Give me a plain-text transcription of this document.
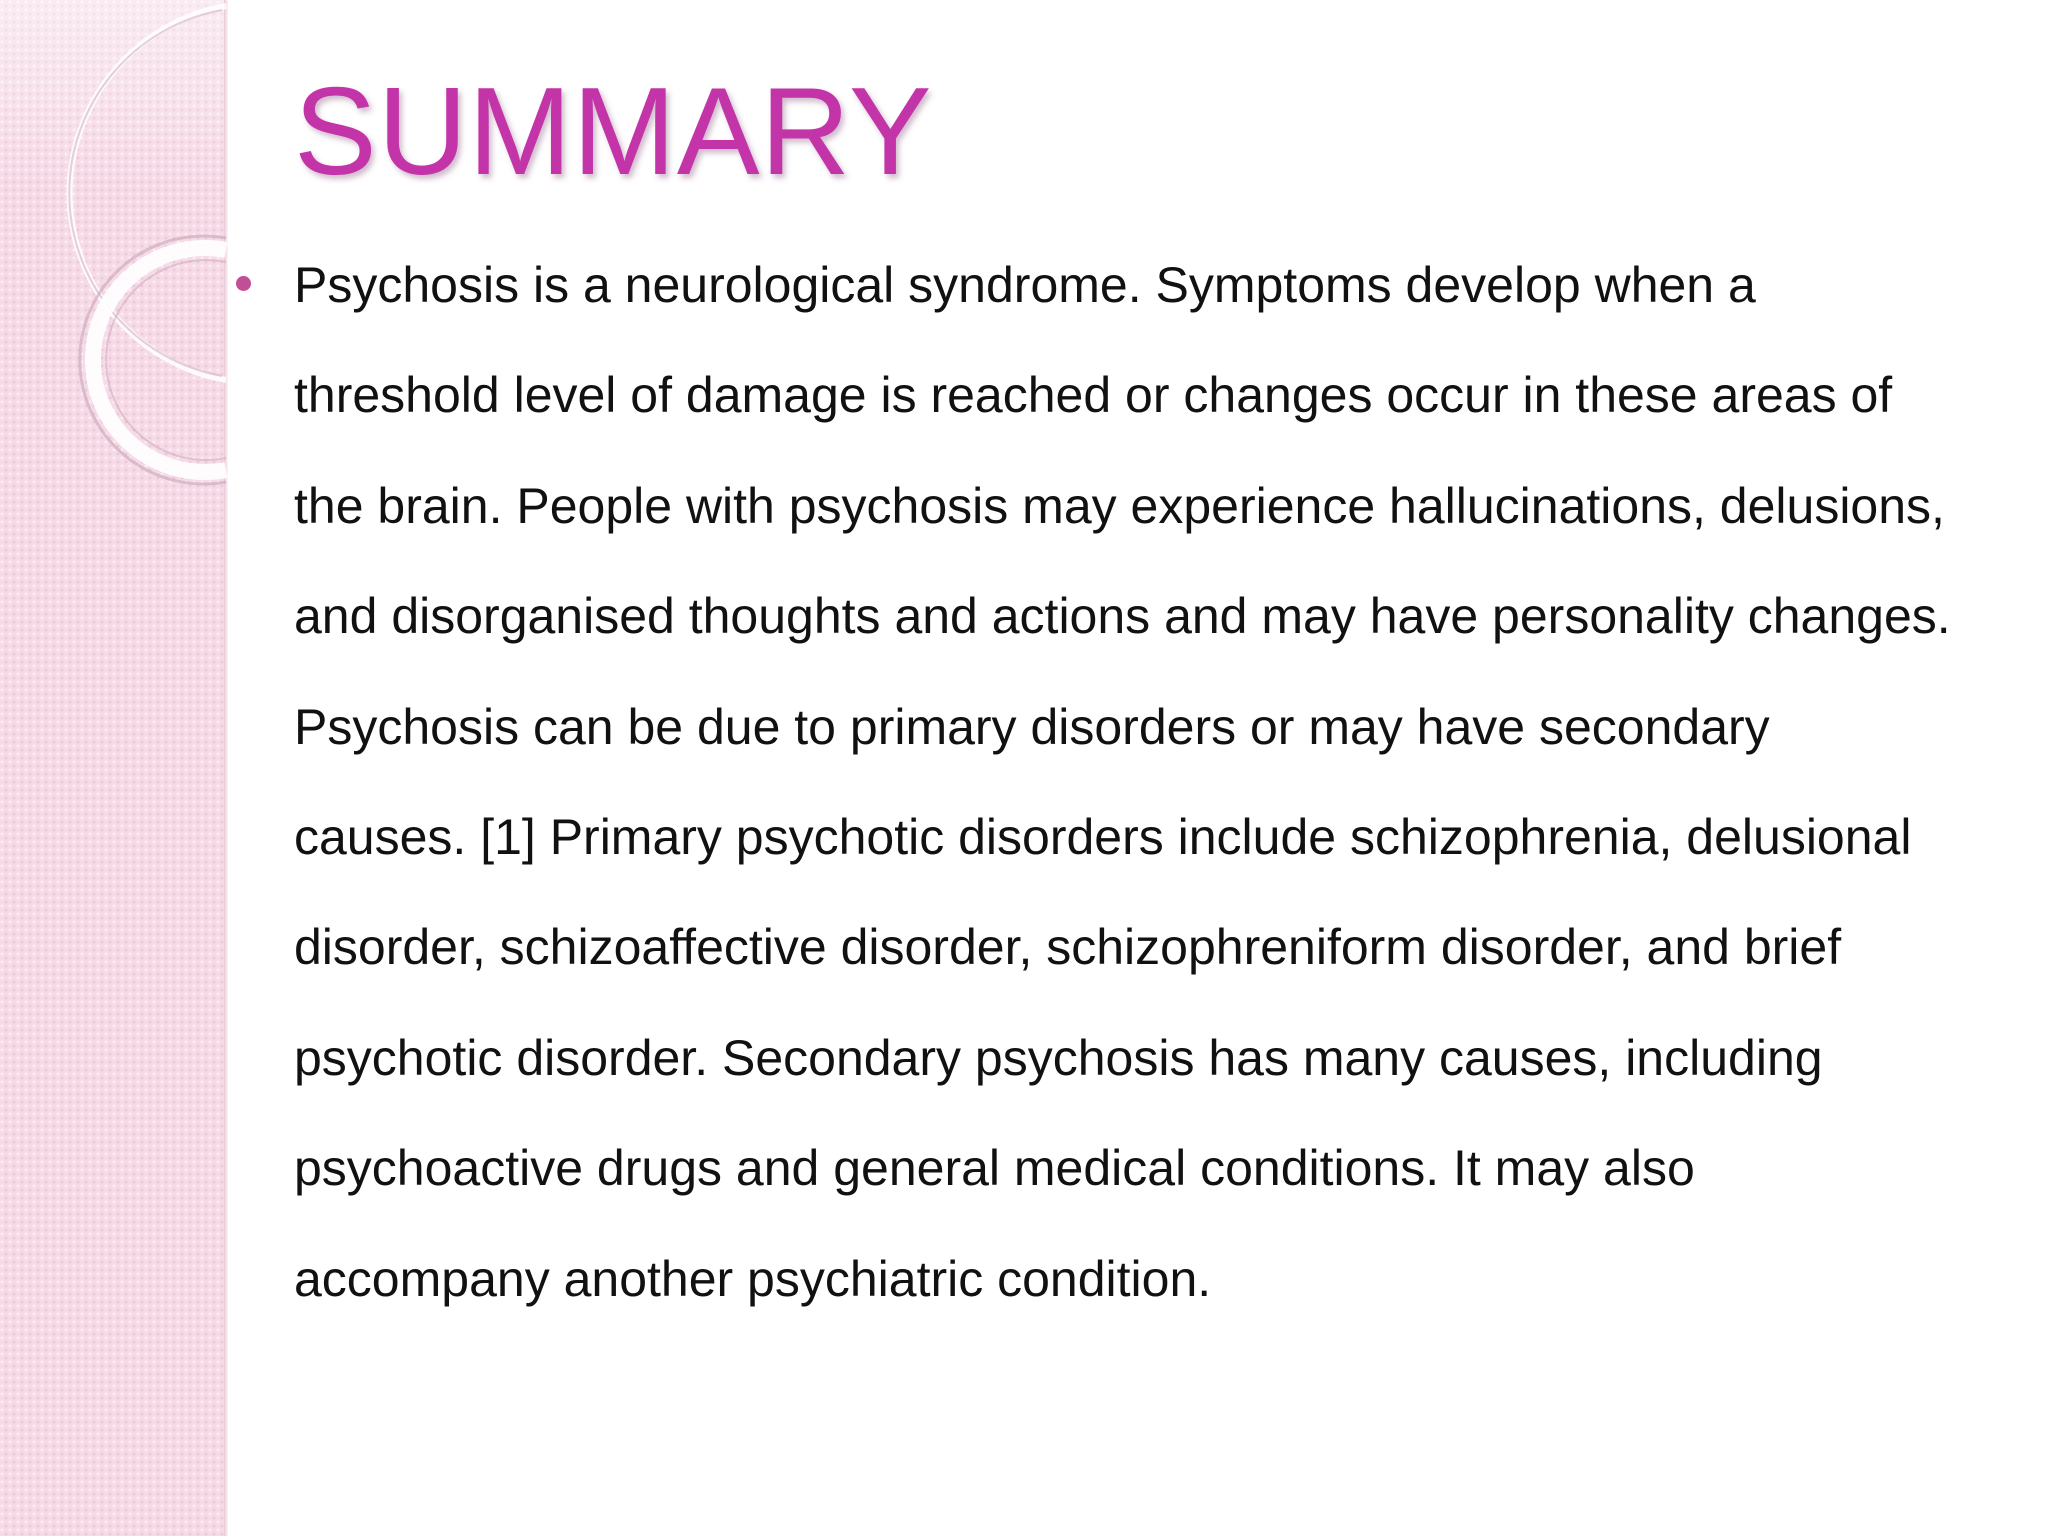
SUMMARY

Psychosis is a neurological syndrome. Symptoms develop when a threshold level of damage is reached or changes occur in these areas of the brain. People with psychosis may experience hallucinations, delusions, and disorganised thoughts and actions and may have personality changes. Psychosis can be due to primary disorders or may have secondary causes. [1] Primary psychotic disorders include schizophrenia, delusional disorder, schizoaffective disorder, schizophreniform disorder, and brief psychotic disorder. Secondary psychosis has many causes, including psychoactive drugs and general medical conditions. It may also accompany another psychiatric condition.
